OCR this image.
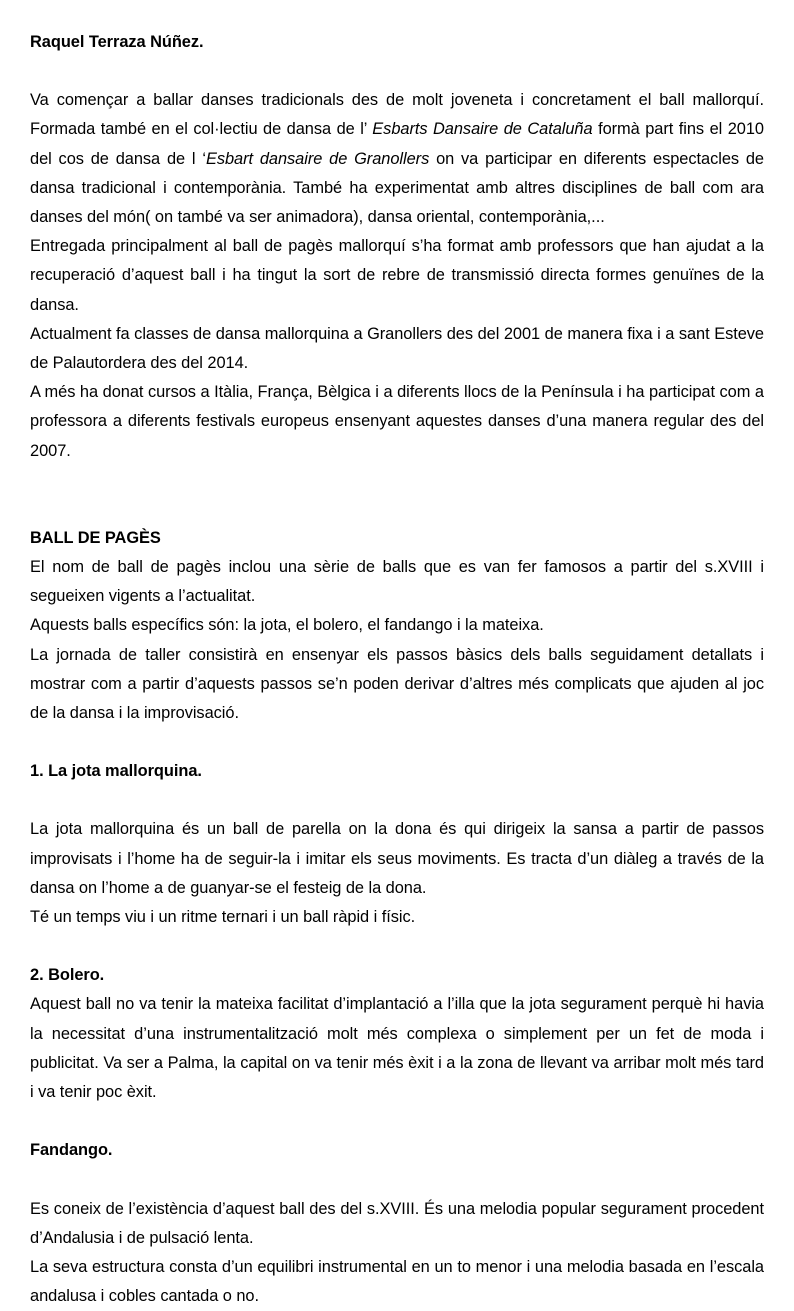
Raquel Terraza Núñez.

Va començar a ballar danses tradicionals des de molt joveneta i concretament el ball mallorquí. Formada també en el col·lectiu de dansa de l’ Esbarts Dansaire de Cataluña formà part fins el 2010 del cos de dansa de l ‘Esbart dansaire de Granollers on va participar en diferents espectacles de dansa tradicional i contemporània. També ha experimentat amb altres disciplines de ball com ara danses del món( on també va ser animadora), dansa oriental, contemporània,...

Entregada principalment al ball de pagès mallorquí s’ha format amb professors que han ajudat a la recuperació d’aquest ball i ha tingut la sort de rebre de transmissió directa formes genuïnes de la dansa.

Actualment fa classes de dansa mallorquina a Granollers des del 2001 de manera fixa i a sant Esteve de Palautordera des del 2014.

A més ha donat cursos a Itàlia, França, Bèlgica i a diferents llocs de la Península i ha participat com a professora a diferents festivals europeus ensenyant aquestes danses d’una manera regular des del 2007.

BALL DE PAGÈS

El nom de ball de pagès inclou una sèrie de balls que es van fer famosos a partir del s.XVIII i segueixen vigents a l’actualitat.

Aquests balls específics són: la jota, el bolero, el fandango i la mateixa.

La jornada de taller consistirà en ensenyar els passos bàsics dels balls seguidament detallats i mostrar com a partir d’aquests passos se’n poden derivar d’altres més complicats que ajuden al joc de la dansa i la improvisació.

1. La jota mallorquina.

La jota mallorquina és un ball de parella on la dona és qui dirigeix la sansa a partir de passos improvisats i l’home ha de seguir-la i imitar els seus moviments. Es tracta d’un diàleg a través de la dansa on l’home a de guanyar-se el festeig de la dona.

Té un temps viu i un ritme ternari i un ball ràpid i físic.

2. Bolero.

Aquest ball no va tenir la mateixa facilitat d’implantació a l’illa que la jota segurament perquè hi havia la necessitat d’una instrumentalització molt més complexa o simplement per un fet de moda i publicitat. Va ser a Palma, la capital on va tenir més èxit i a la zona de llevant va arribar molt més tard i va tenir poc èxit.

Fandango.

Es coneix de l’existència d’aquest ball des del s.XVIII. És una melodia popular segurament procedent d’Andalusia i de pulsació lenta.

La seva estructura consta d’un equilibri instrumental en un to menor i una melodia basada en l’escala andalusa i cobles cantada o no.
